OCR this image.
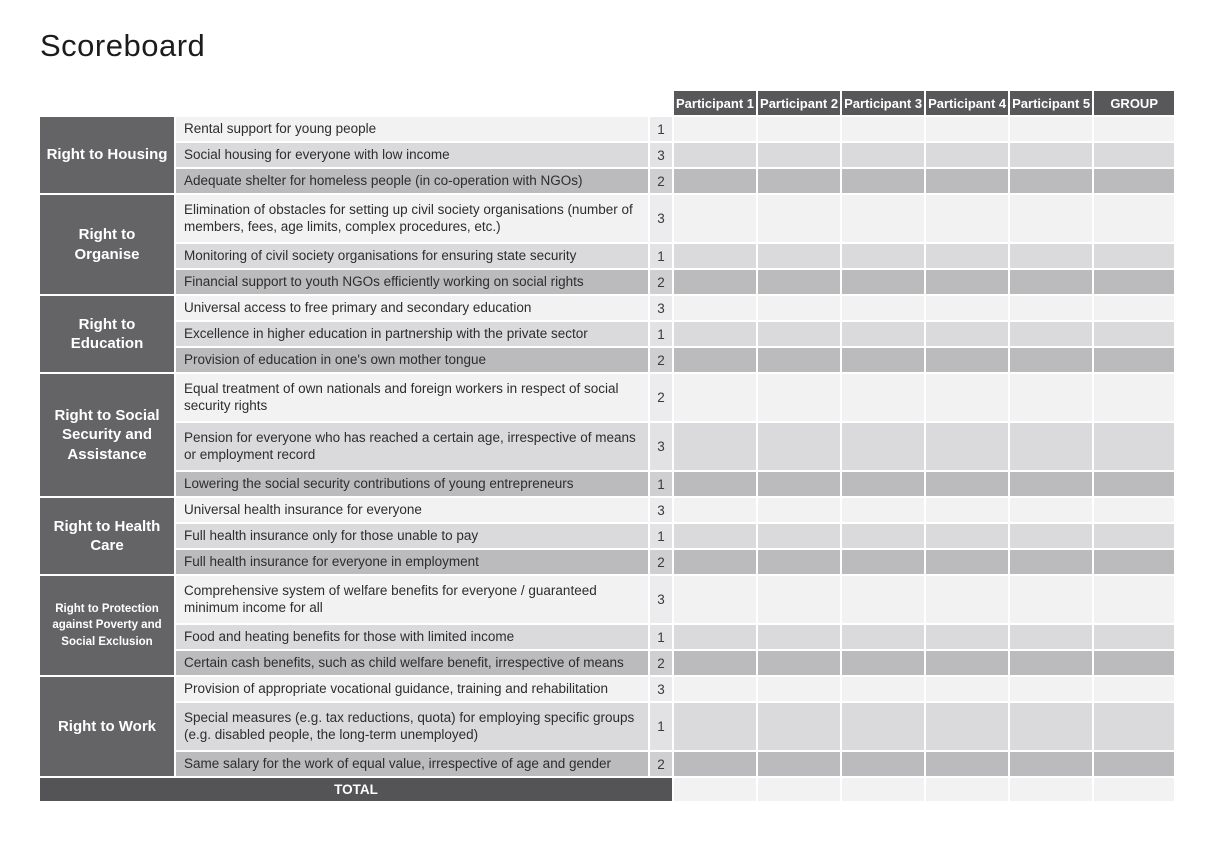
Scoreboard
			Participant 1	Participant 2	Participant 3	Participant 4	Participant 5	GROUP
Right to Housing	Rental support for young people	1						
	Social housing for everyone with low income	3						
	Adequate shelter for homeless people (in co-operation with NGOs)	2						
Right to Organise	Elimination of obstacles for setting up civil society organisations (number of members, fees, age limits, complex procedures, etc.)	3						
	Monitoring of civil society organisations for ensuring state security	1						
	Financial support to youth NGOs efficiently working on social rights	2						
Right to Education	Universal access to free primary and secondary education	3						
	Excellence in higher education in partnership with the private sector	1						
	Provision of education in one's own mother tongue	2						
Right to Social Security and Assistance	Equal treatment of own nationals and foreign workers in respect of social security rights	2						
	Pension for everyone who has reached a certain age, irrespective of means or employment record	3						
	Lowering the social security contributions of young entrepreneurs	1						
Right to Health Care	Universal health insurance for everyone	3						
	Full health insurance only for those unable to pay	1						
	Full health insurance for everyone in employment	2						
Right to Protection against Poverty and Social Exclusion	Comprehensive system of welfare benefits for everyone / guaranteed minimum income for all	3						
	Food and heating benefits for those with limited income	1						
	Certain cash benefits, such as child welfare benefit, irrespective of means	2						
Right to Work	Provision of appropriate vocational guidance, training and rehabilitation	3						
	Special measures (e.g. tax reductions, quota) for employing specific groups (e.g. disabled people, the long-term unemployed)	1						
	Same salary for the work of equal value, irrespective of age and gender	2						
TOTAL								
